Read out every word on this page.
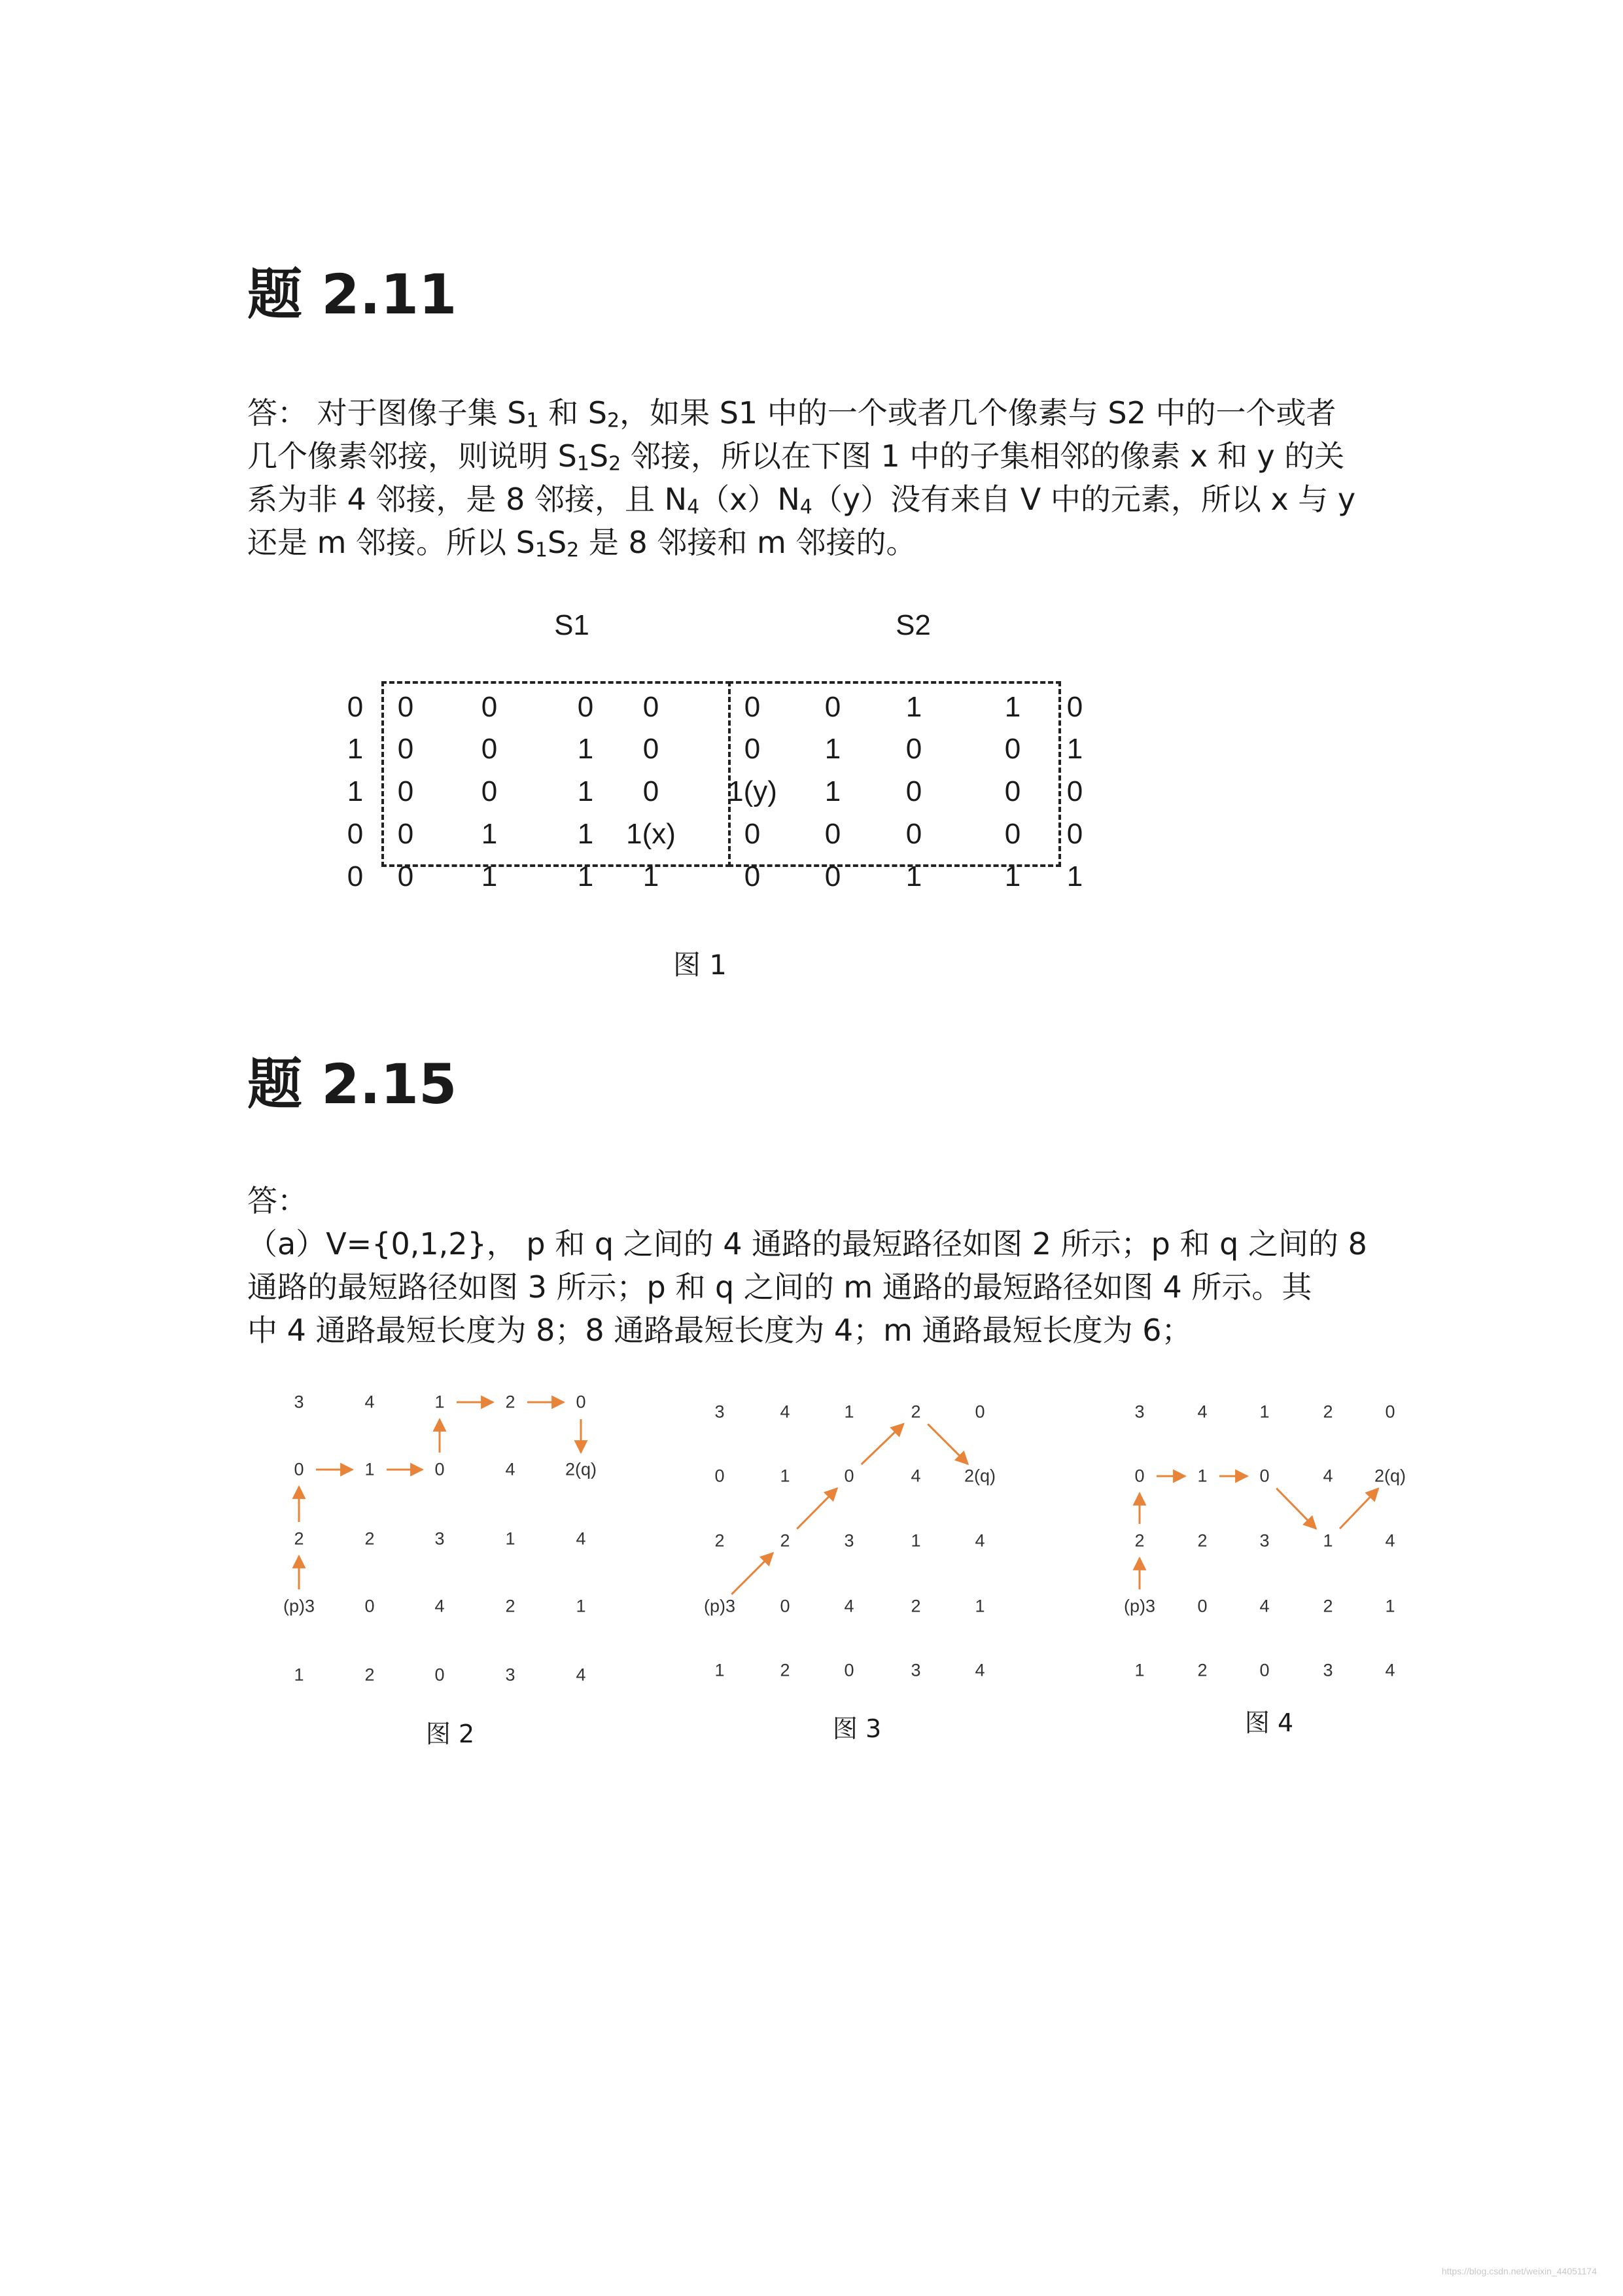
题 2.11
答： 对于图像子集 $S_1$ 和 $S_2$，如果 S1 中的一个或者几个像素与 S2 中的一个或者
几个像素邻接，则说明 $S_1S_2$ 邻接，所以在下图 1 中的子集相邻的像素 x 和 y 的关
系为非 4 邻接，是 8 邻接，且 $N_4(x)N_4(y)$没有来自 V 中的元素，所以 x 与 y
还是 m 邻接。所以 $S_1S_2$ 是 8 邻接和 m 邻接的。
S1	S2
0 0 0	0 0	0 0 1	1 0
1 0 0	1 0	0 1 0	0 1
1 0 0	1 0 1(y) 1 0	0 0
0 0 1	1 1(x) 0 0 0	0 0
0 0 1	1 1	0 0 1	1 1
图 1
题 2.15
答：
（a）V={0,1,2}， p 和 q 之间的 4 通路的最短路径如图 2 所示；p 和 q 之间的 8
通路的最短路径如图 3 所示；p 和 q 之间的 m 通路的最短路径如图 4 所示。其
中 4 通路最短长度为 8；8 通路最短长度为 4；m 通路最短长度为 6；
3	4	1	2	0
0	1	0	4	2(q)
2	2	3	1	4
(p)3	0	4	2	1
1	2	0	3	4
图 2
3	4	1	2	0
0	1	0	4 2(q)
2	2	3	1	4
(p)3	0	4	2	1
1	2	0	3	4
图 3
3	4	1	2	0
0	1	0	4 2(q)
2	2	3	1	4
(p)3 0	4	2	1
1	2	0	3	4
图 4
https://blog.csdn.net/weixin_44051174
